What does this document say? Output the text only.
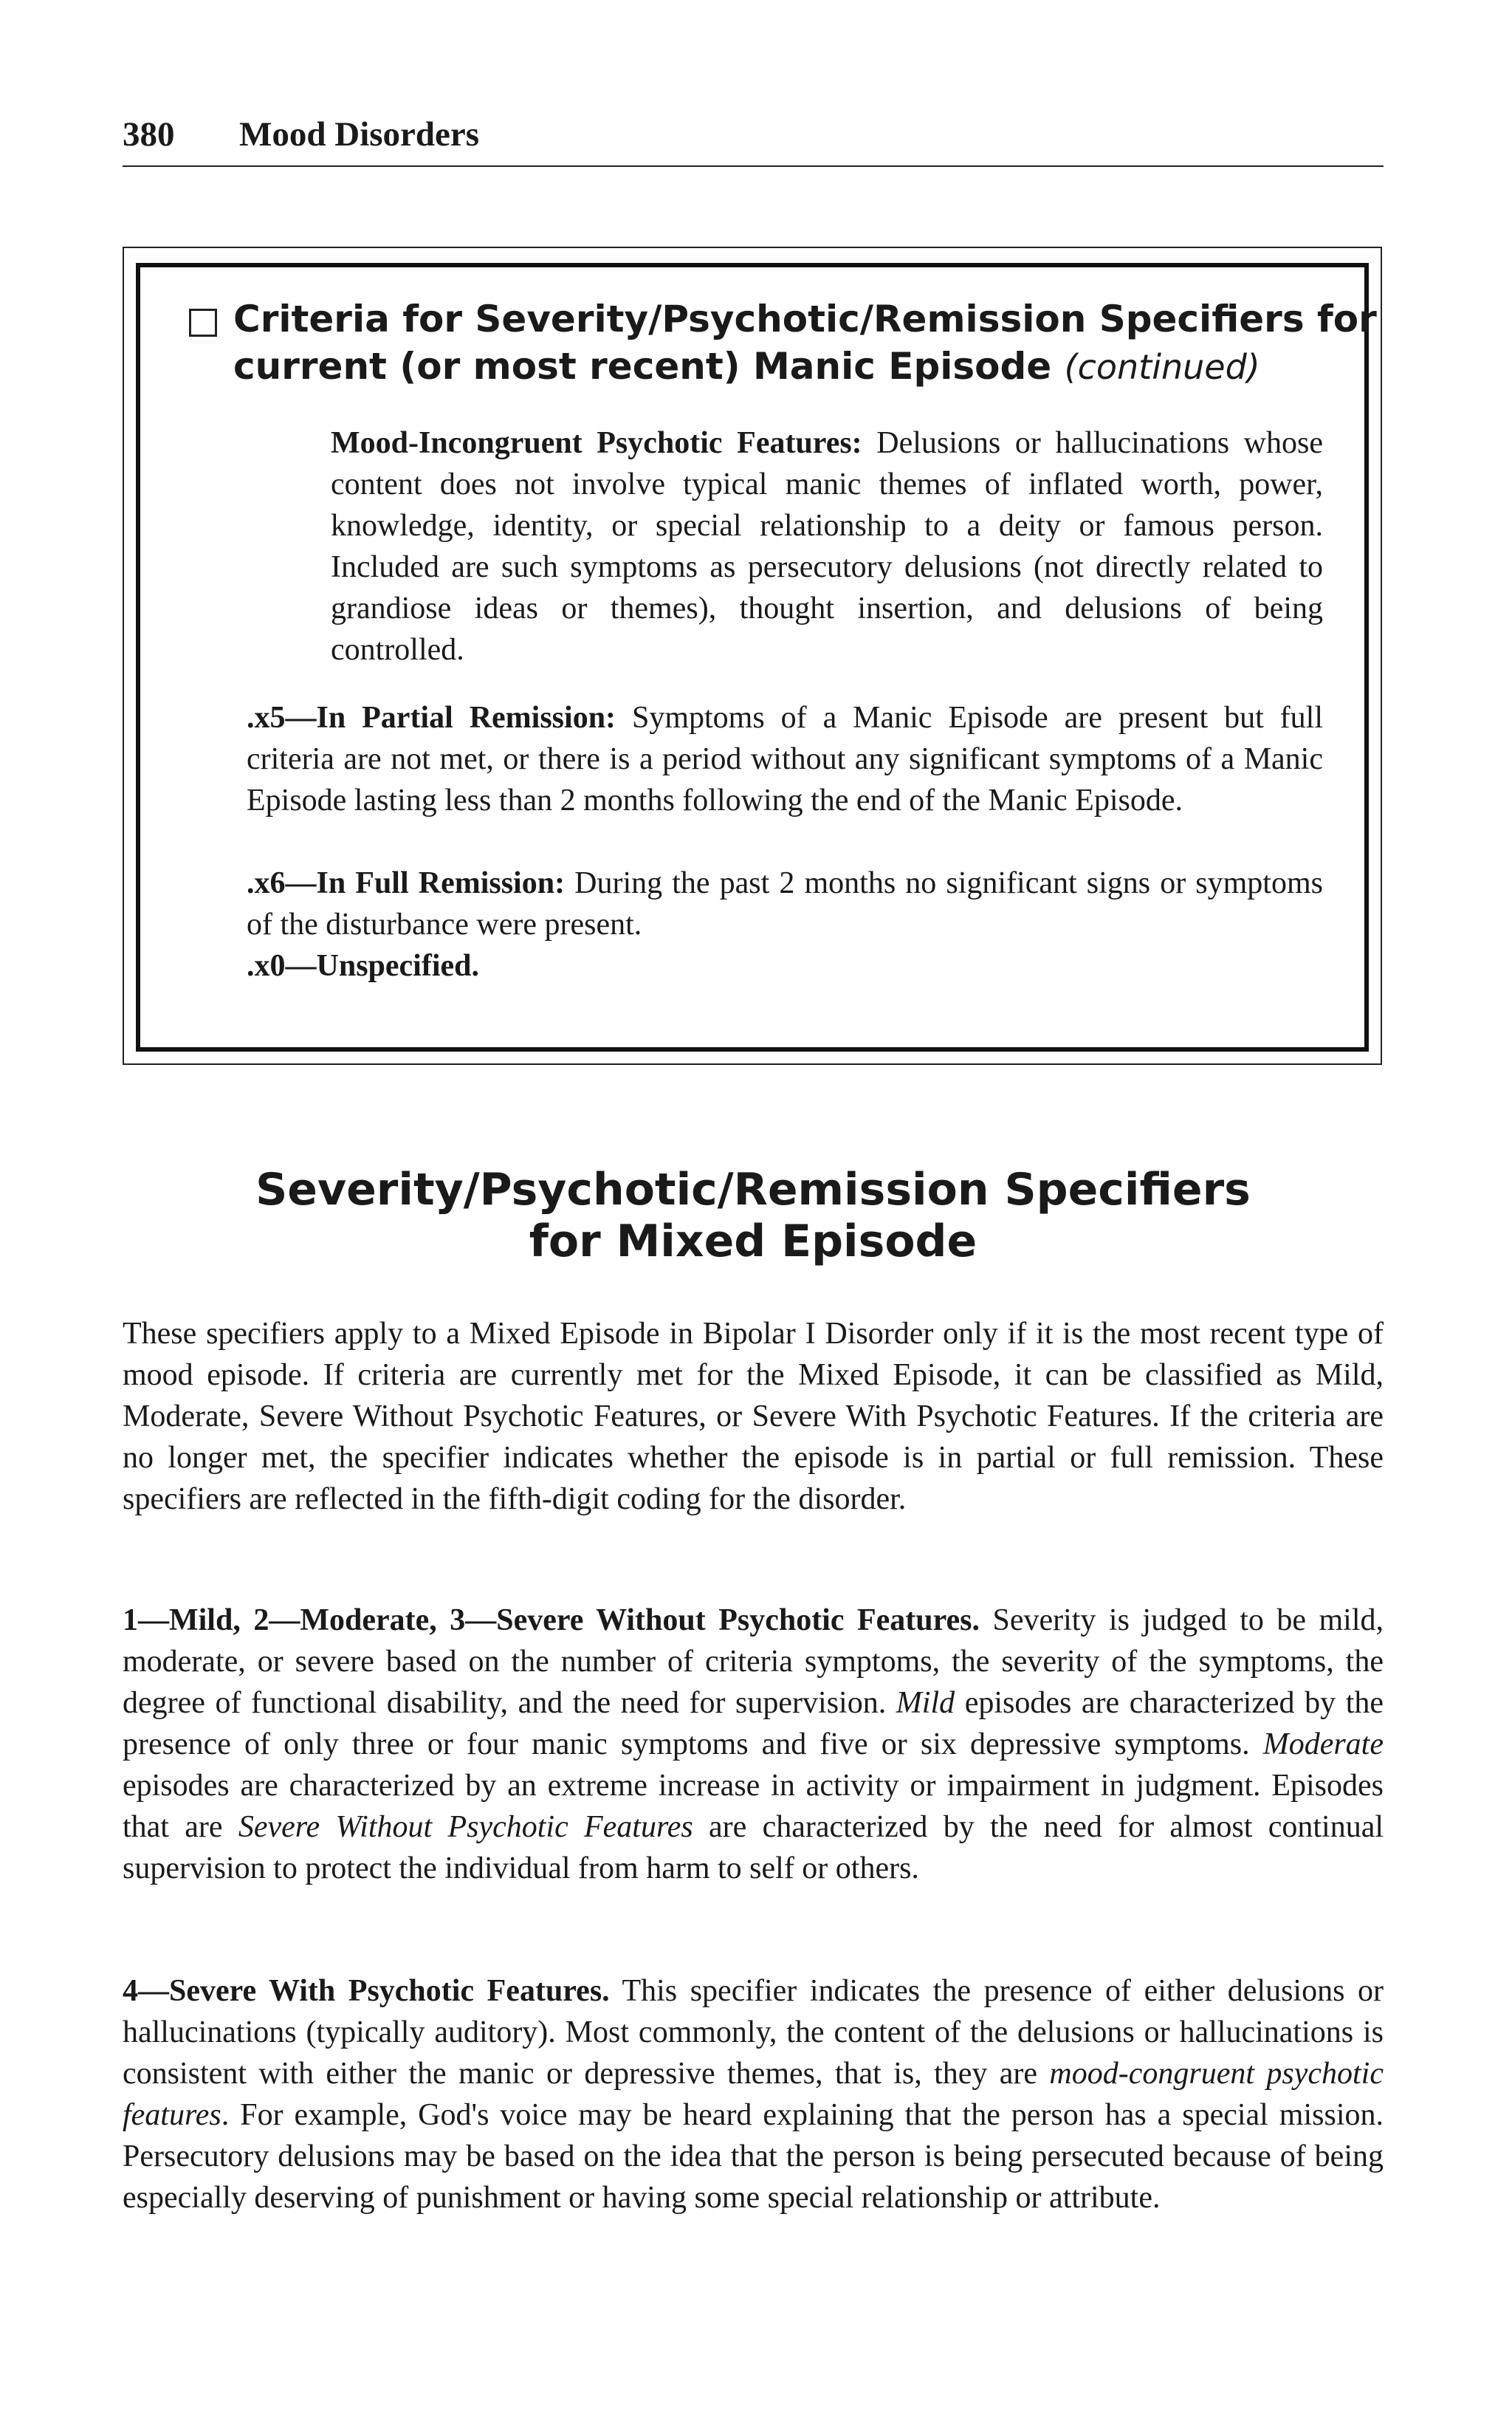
380 Mood Disorders
Criteria for Severity/Psychotic/Remission Specifiers for
current (or most recent) Manic Episode (continued)

Mood-Incongruent Psychotic Features: Delusions or hallucinations whose content does not involve typical manic themes of inflated worth, power, knowledge, identity, or special relationship to a deity or famous person. Included are such symptoms as persecutory delusions (not directly related to grandiose ideas or themes), thought insertion, and delusions of being controlled.

.x5—In Partial Remission: Symptoms of a Manic Episode are present but full criteria are not met, or there is a period without any significant symptoms of a Manic Episode lasting less than 2 months following the end of the Manic Episode.

.x6—In Full Remission: During the past 2 months no significant signs or symptoms of the disturbance were present.

.x0—Unspecified.

Severity/Psychotic/Remission Specifiers
for Mixed Episode

These specifiers apply to a Mixed Episode in Bipolar I Disorder only if it is the most recent type of mood episode. If criteria are currently met for the Mixed Episode, it can be classified as Mild, Moderate, Severe Without Psychotic Features, or Severe With Psychotic Features. If the criteria are no longer met, the specifier indicates whether the episode is in partial or full remission. These specifiers are reflected in the fifth-digit coding for the disorder.

1—Mild, 2—Moderate, 3—Severe Without Psychotic Features. Severity is judged to be mild, moderate, or severe based on the number of criteria symptoms, the severity of the symptoms, the degree of functional disability, and the need for supervision. Mild episodes are characterized by the presence of only three or four manic symptoms and five or six depressive symptoms. Moderate episodes are characterized by an extreme increase in activity or impairment in judgment. Episodes that are Severe Without Psychotic Features are characterized by the need for almost continual supervision to protect the individual from harm to self or others.

4—Severe With Psychotic Features. This specifier indicates the presence of either delusions or hallucinations (typically auditory). Most commonly, the content of the delusions or hallucinations is consistent with either the manic or depressive themes, that is, they are mood-congruent psychotic features. For example, God's voice may be heard explaining that the person has a special mission. Persecutory delusions may be based on the idea that the person is being persecuted because of being especially deserving of punishment or having some special relationship or attribute.
